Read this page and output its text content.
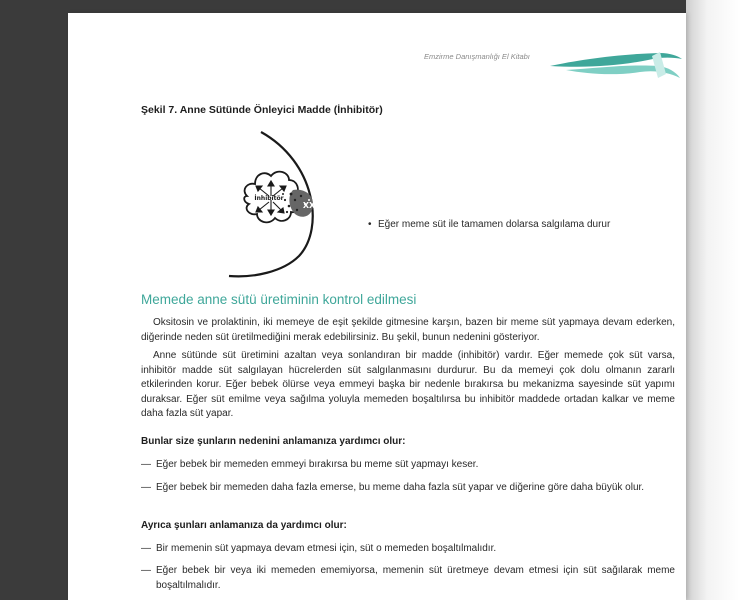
Emzirme Danışmanlığı El Kitabı
Şekil 7. Anne Sütünde Önleyici Madde (İnhibitör)
XX
İnhibitör
• Eğer meme süt ile tamamen dolarsa salgılama durur
Memede anne sütü üretiminin kontrol edilmesi
Oksitosin ve prolaktinin, iki memeye de eşit şekilde gitmesine karşın, bazen bir meme süt yapmaya devam ederken, diğerinde neden süt üretilmediğini merak edebilirsiniz. Bu şekil, bunun nedenini gösteriyor.
Anne sütünde süt üretimini azaltan veya sonlandıran bir madde (inhibitör) vardır. Eğer memede çok süt varsa, inhibitör madde süt salgılayan hücrelerden süt salgılanmasını durdurur. Bu da memeyi çok dolu olmanın zararlı etkilerinden korur. Eğer bebek ölürse veya emmeyi başka bir nedenle bırakırsa bu mekanizma sayesinde süt yapımı duraksar. Eğer süt emilme veya sağılma yoluyla memeden boşaltılırsa bu inhibitör maddede ortadan kalkar ve meme daha fazla süt yapar.
Bunlar size şunların nedenini anlamanıza yardımcı olur:
— Eğer bebek bir memeden emmeyi bırakırsa bu meme süt yapmayı keser.
— Eğer bebek bir memeden daha fazla emerse, bu meme daha fazla süt yapar ve diğerine göre daha büyük olur.
Ayrıca şunları anlamanıza da yardımcı olur:
— Bir memenin süt yapmaya devam etmesi için, süt o memeden boşaltılmalıdır.
— Eğer bebek bir veya iki memeden ememiyorsa, memenin süt üretmeye devam etmesi için süt sağılarak meme boşaltılmalıdır.
